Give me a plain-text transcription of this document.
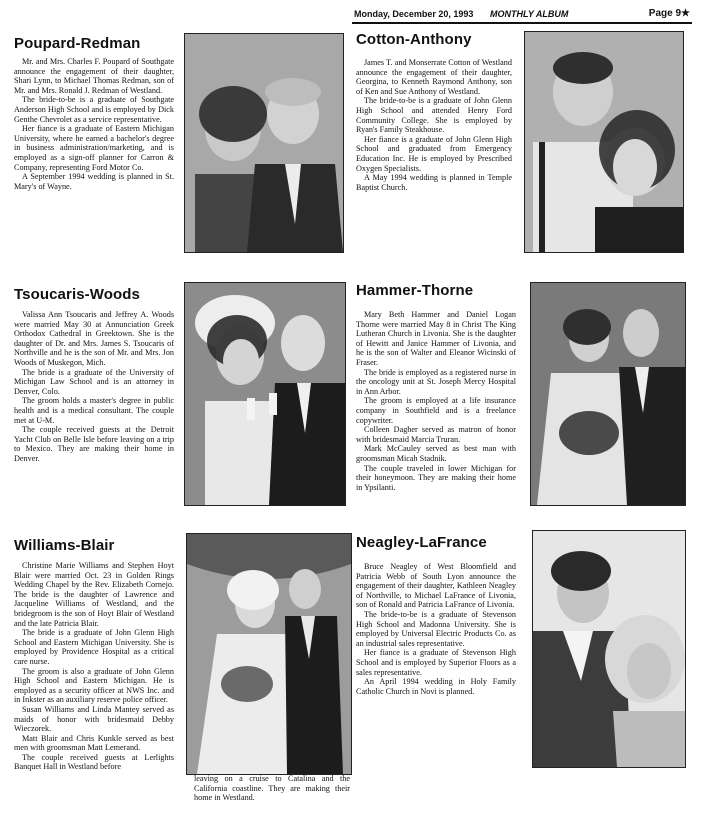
Monday, December 20, 1993 MONTHLY ALBUM	Page 9★
Poupard-Redman

Mr. and Mrs. Charles F. Poupard of Southgate announce the engagement of their daughter, Shari Lynn, to Michael Thomas Redman, son of Mr. and Mrs. Ronald J. Redman of Westland.

The bride-to-be is a graduate of Southgate Anderson High School and is employed by Dick Genthe Chevrolet as a service representative.

Her fiance is a graduate of Eastern Michigan University, where he earned a bachelor's degree in business administration/marketing, and is employed as a sign-off planner for Carron & Company, representing Ford Motor Co.

A September 1994 wedding is planned in St. Mary's of Wayne.

Cotton-Anthony

James T. and Monserrate Cotton of Westland announce the engagement of their daughter, Georgina, to Kenneth Raymond Anthony, son of Ken and Sue Anthony of Westland.

The bride-to-be is a graduate of John Glenn High School and attended Henry Ford Community College. She is employed by Ryan's Family Steakhouse.

Her fiance is a graduate of John Glenn High School and graduated from Emergency Education Inc. He is employed by Prescribed Oxygen Specialists.

A May 1994 wedding is planned in Temple Baptist Church.

Tsoucaris-Woods

Valissa Ann Tsoucaris and Jeffrey A. Woods were married May 30 at Annunciation Greek Orthodox Cathedral in Greektown. She is the daughter of Dr. and Mrs. James S. Tsoucaris of Northville and he is the son of Mr. and Mrs. Jon Woods of Muskegon, Mich.

The bride is a graduate of the University of Michigan Law School and is an attorney in Denver, Colo.

The groom holds a master's degree in public health and is a medical consultant. The couple met at U-M.

The couple received guests at the Detroit Yacht Club on Belle Isle before leaving on a trip to Mexico. They are making their home in Denver.

Hammer-Thorne

Mary Beth Hammer and Daniel Logan Thorne were married May 8 in Christ The King Lutheran Church in Livonia. She is the daughter of Hewitt and Janice Hammer of Livonia, and he is the son of Walter and Eleanor Wicinski of Fraser.

The bride is employed as a registered nurse in the oncology unit at St. Joseph Mercy Hospital in Ann Arbor.

The groom is employed at a life insurance company in Southfield and is a freelance copywriter.

Colleen Dagher served as matron of honor with bridesmaid Marcia Truran.

Mark McCauley served as best man with groomsman Micah Stadnik.

The couple traveled in lower Michigan for their honeymoon. They are making their home in Ypsilanti.

Williams-Blair

Christine Marie Williams and Stephen Hoyt Blair were married Oct. 23 in Golden Rings Wedding Chapel by the Rev. Elizabeth Cornejo. The bride is the daughter of Lawrence and Jacqueline Williams of Westland, and the bridegroom is the son of Hoyt Blair of Westland and the late Patricia Blair.

The bride is a graduate of John Glenn High School and Eastern Michigan University. She is employed by Providence Hospital as a critical care nurse.

The groom is also a graduate of John Glenn High School and Eastern Michigan. He is employed as a security officer at NWS Inc. and in Inkster as an auxiliary reserve police officer.

Susan Williams and Linda Mantey served as maids of honor with bridesmaid Debby Wieczorek.

Matt Blair and Chris Kunkle served as best men with groomsman Matt Lemerand.

The couple received guests at Lerlights Banquet Hall in Westland before

leaving on a cruise to Catalina and the California coastline. They are making their home in Westland.

Neagley-LaFrance

Bruce Neagley of West Bloomfield and Patricia Webb of South Lyon announce the engagement of their daughter, Kathleen Neagley of Northville, to Michael LaFrance of Livonia, son of Ronald and Patricia LaFrance of Livonia.

The bride-to-be is a graduate of Stevenson High School and Madonna University. She is employed by Universal Electric Products Co. as an industrial sales representative.

Her fiance is a graduate of Stevenson High School and is employed by Superior Floors as a sales representative.

An April 1994 wedding in Holy Family Catholic Church in Novi is planned.
